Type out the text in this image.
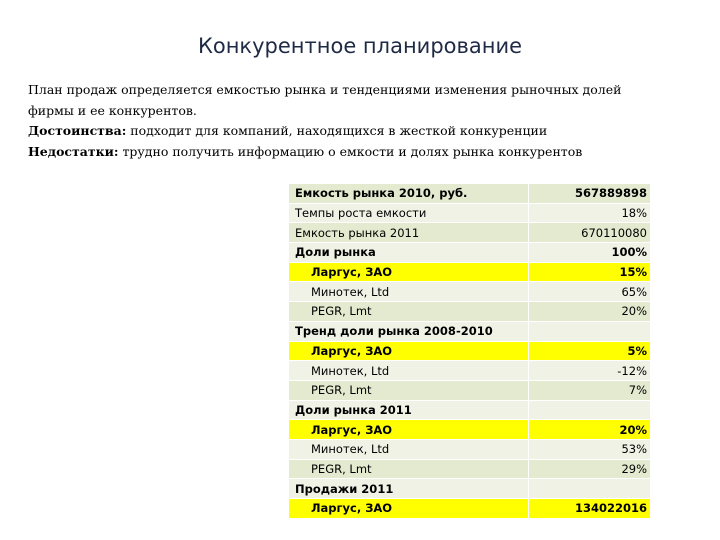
Конкурентное планирование

План продаж определяется емкостью рынка и тенденциями изменения рыночных долей

фирмы и ее конкурентов.

Достоинства: подходит для компаний, находящихся в жесткой конкуренции

Недостатки: трудно получить информацию о емкости и долях рынка конкурентов

Емкость рынка 2010, руб.	567889898
Темпы роста емкости	18%
Емкость рынка 2011	670110080
Доли рынка	100%
Ларгус, ЗАО	15%
Минотек, Ltd	65%
PEGR, Lmt	20%
Тренд доли рынка 2008-2010	
Ларгус, ЗАО	5%
Минотек, Ltd	-12%
PEGR, Lmt	7%
Доли рынка 2011	
Ларгус, ЗАО	20%
Минотек, Ltd	53%
PEGR, Lmt	29%
Продажи 2011	
Ларгус, ЗАО	134022016
